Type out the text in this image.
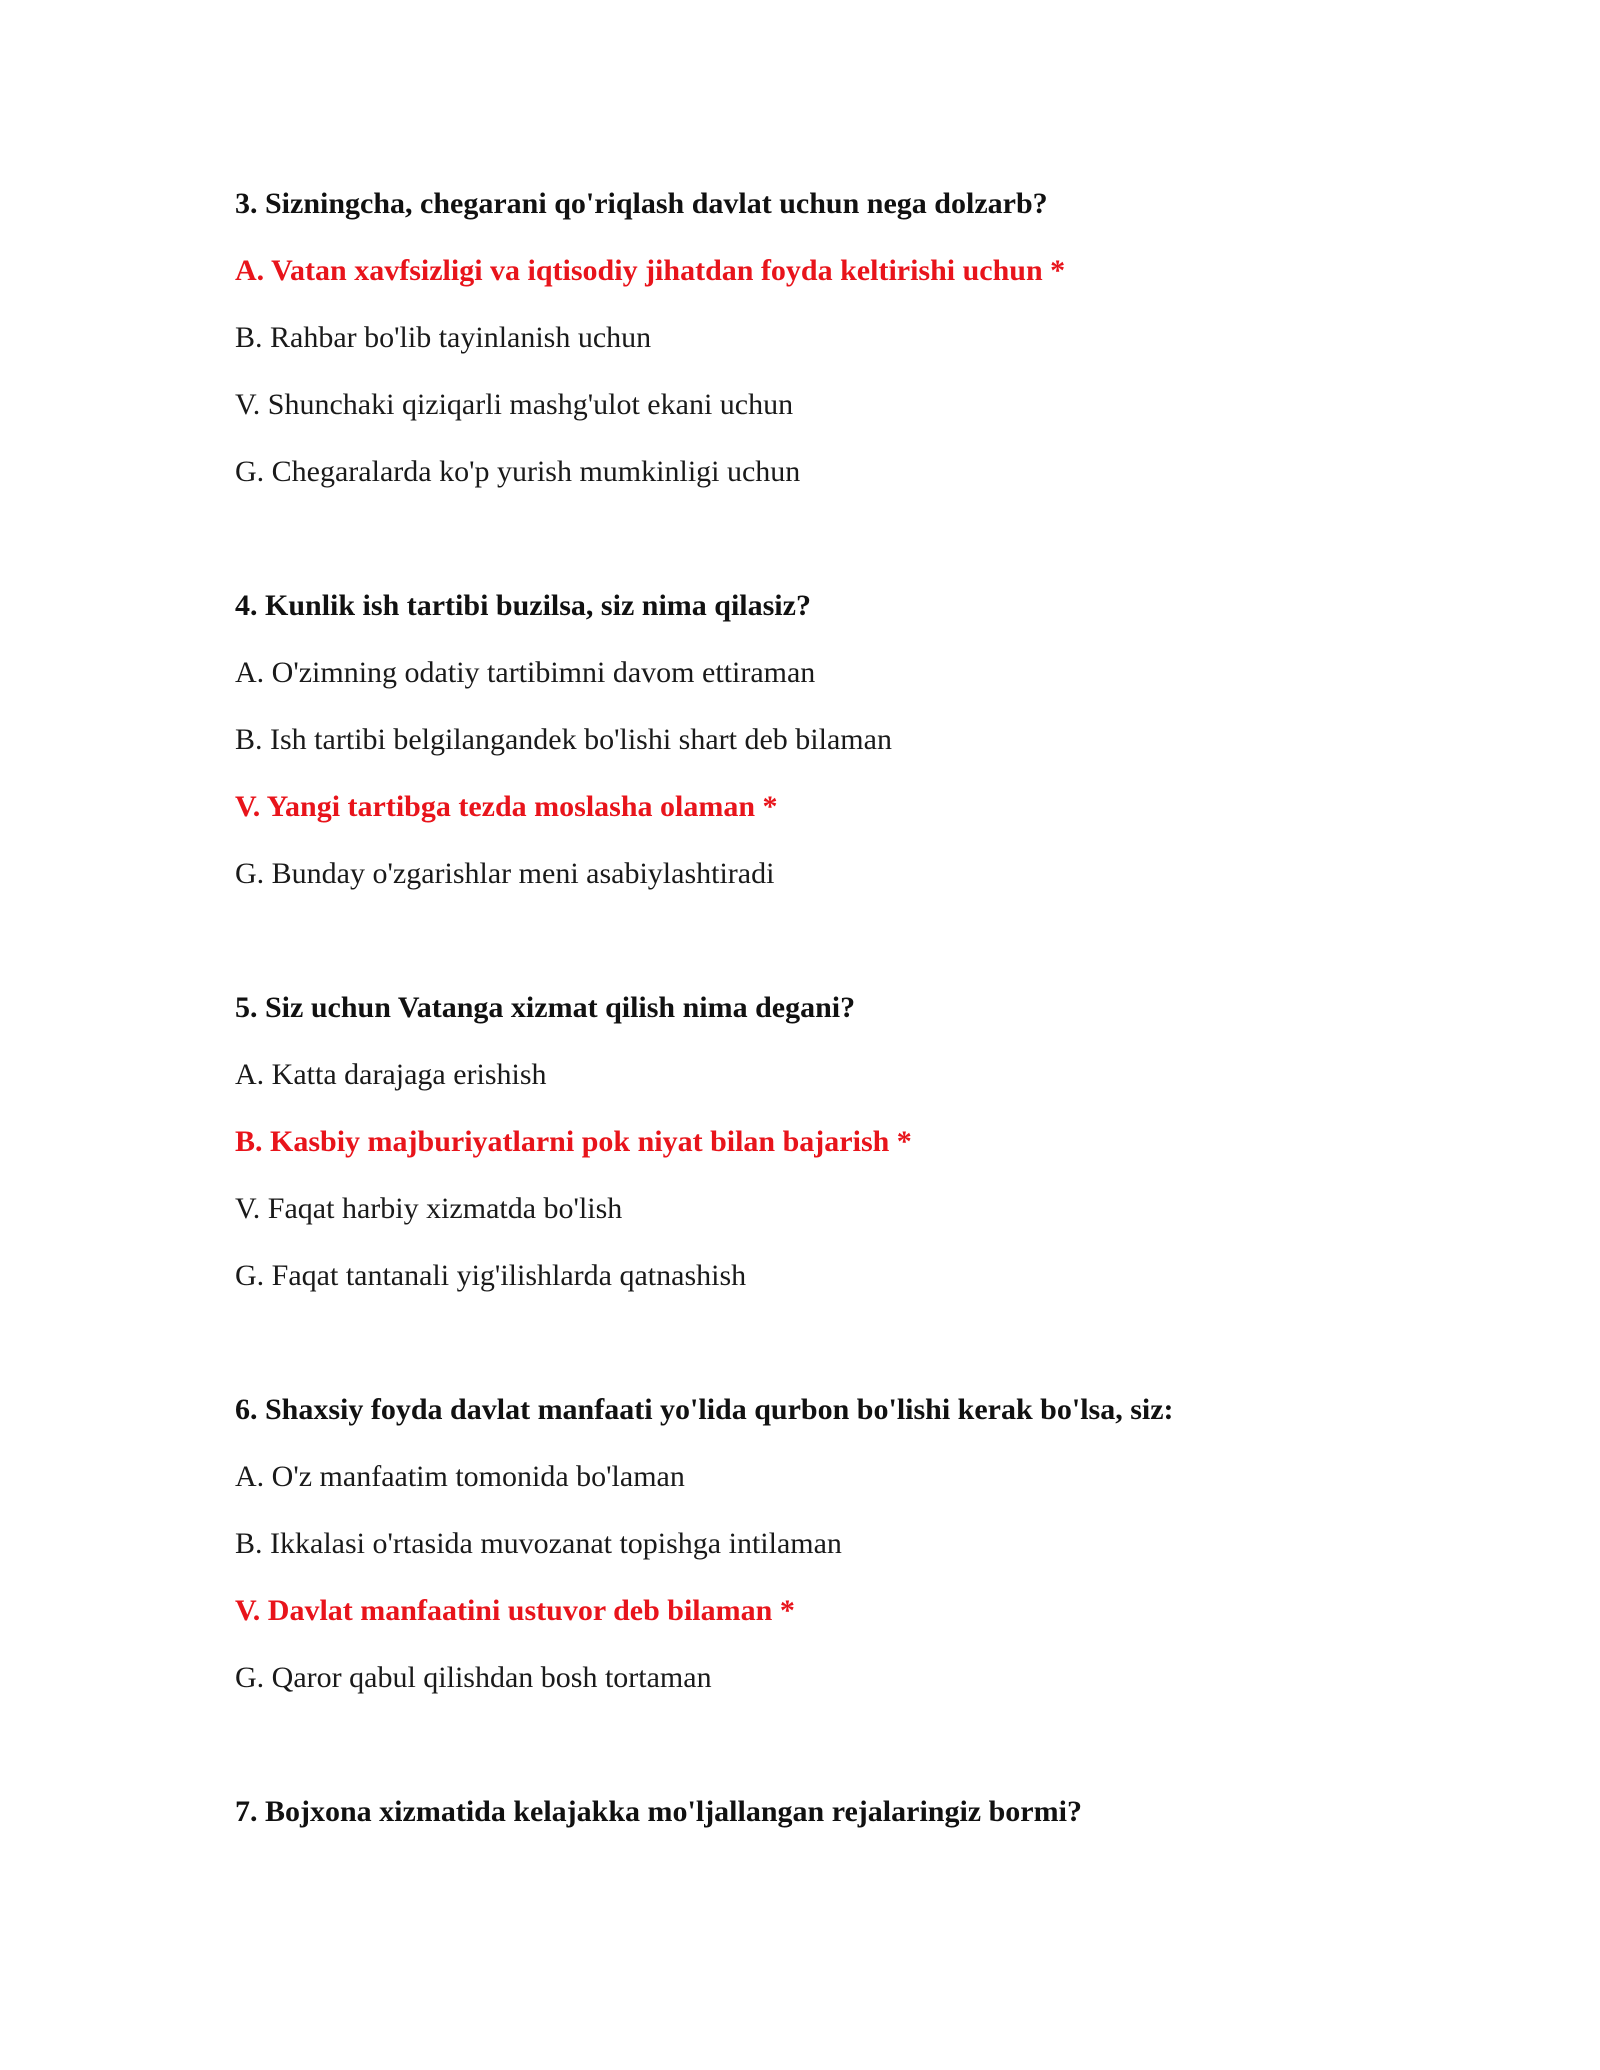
3. Sizningcha, chegarani qo'riqlash davlat uchun nega dolzarb?
A. Vatan xavfsizligi va iqtisodiy jihatdan foyda keltirishi uchun *
B. Rahbar bo'lib tayinlanish uchun
V. Shunchaki qiziqarli mashg'ulot ekani uchun
G. Chegaralarda ko'p yurish mumkinligi uchun
4. Kunlik ish tartibi buzilsa, siz nima qilasiz?
A. O'zimning odatiy tartibimni davom ettiraman
B. Ish tartibi belgilangandek bo'lishi shart deb bilaman
V. Yangi tartibga tezda moslasha olaman *
G. Bunday o'zgarishlar meni asabiylashtiradi
5. Siz uchun Vatanga xizmat qilish nima degani?
A. Katta darajaga erishish
B. Kasbiy majburiyatlarni pok niyat bilan bajarish *
V. Faqat harbiy xizmatda bo'lish
G. Faqat tantanali yig'ilishlarda qatnashish
6. Shaxsiy foyda davlat manfaati yo'lida qurbon bo'lishi kerak bo'lsa, siz:
A. O'z manfaatim tomonida bo'laman
B. Ikkalasi o'rtasida muvozanat topishga intilaman
V. Davlat manfaatini ustuvor deb bilaman *
G. Qaror qabul qilishdan bosh tortaman
7. Bojxona xizmatida kelajakka mo'ljallangan rejalaringiz bormi?
